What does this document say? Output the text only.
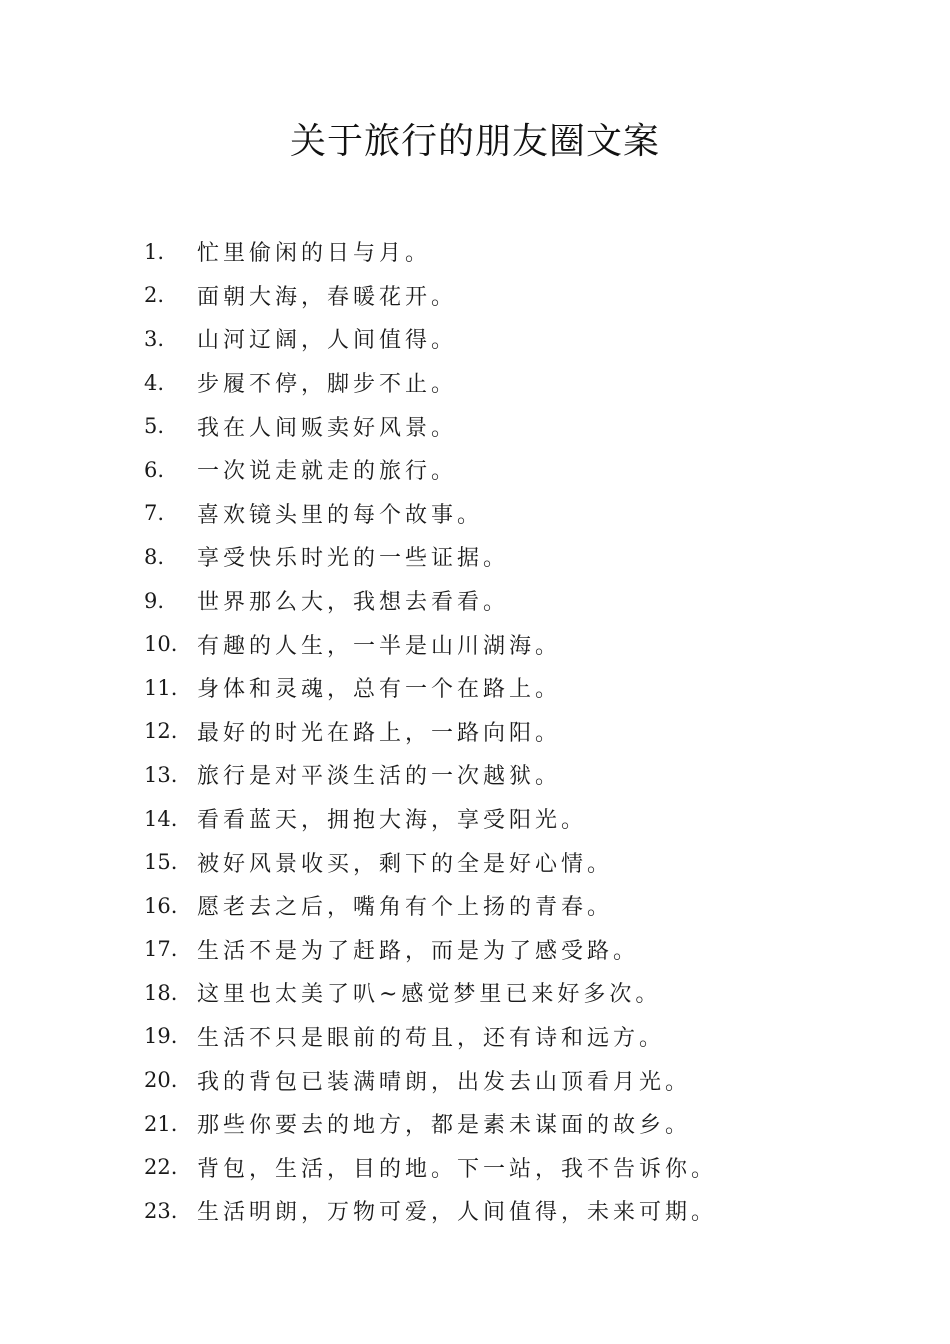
关于旅行的朋友圈文案
1.	忙里偷闲的日与月。
2.	面朝大海，春暖花开。
3.	山河辽阔，人间值得。
4.	步履不停，脚步不止。
5.	我在人间贩卖好风景。
6.	一次说走就走的旅行。
7.	喜欢镜头里的每个故事。
8.	享受快乐时光的一些证据。
9.	世界那么大，我想去看看。
10. 有趣的人生，一半是山川湖海。
11. 身体和灵魂，总有一个在路上。
12. 最好的时光在路上，一路向阳。
13. 旅行是对平淡生活的一次越狱。
14. 看看蓝天，拥抱大海，享受阳光。
15. 被好风景收买，剩下的全是好心情。
16. 愿老去之后，嘴角有个上扬的青春。
17. 生活不是为了赶路，而是为了感受路。
18. 这里也太美了叭~感觉梦里已来好多次。
19. 生活不只是眼前的苟且，还有诗和远方。
20. 我的背包已装满晴朗，出发去山顶看月光。
21. 那些你要去的地方，都是素未谋面的故乡。
22. 背包，生活，目的地。下一站，我不告诉你。
23. 生活明朗，万物可爱，人间值得，未来可期。
